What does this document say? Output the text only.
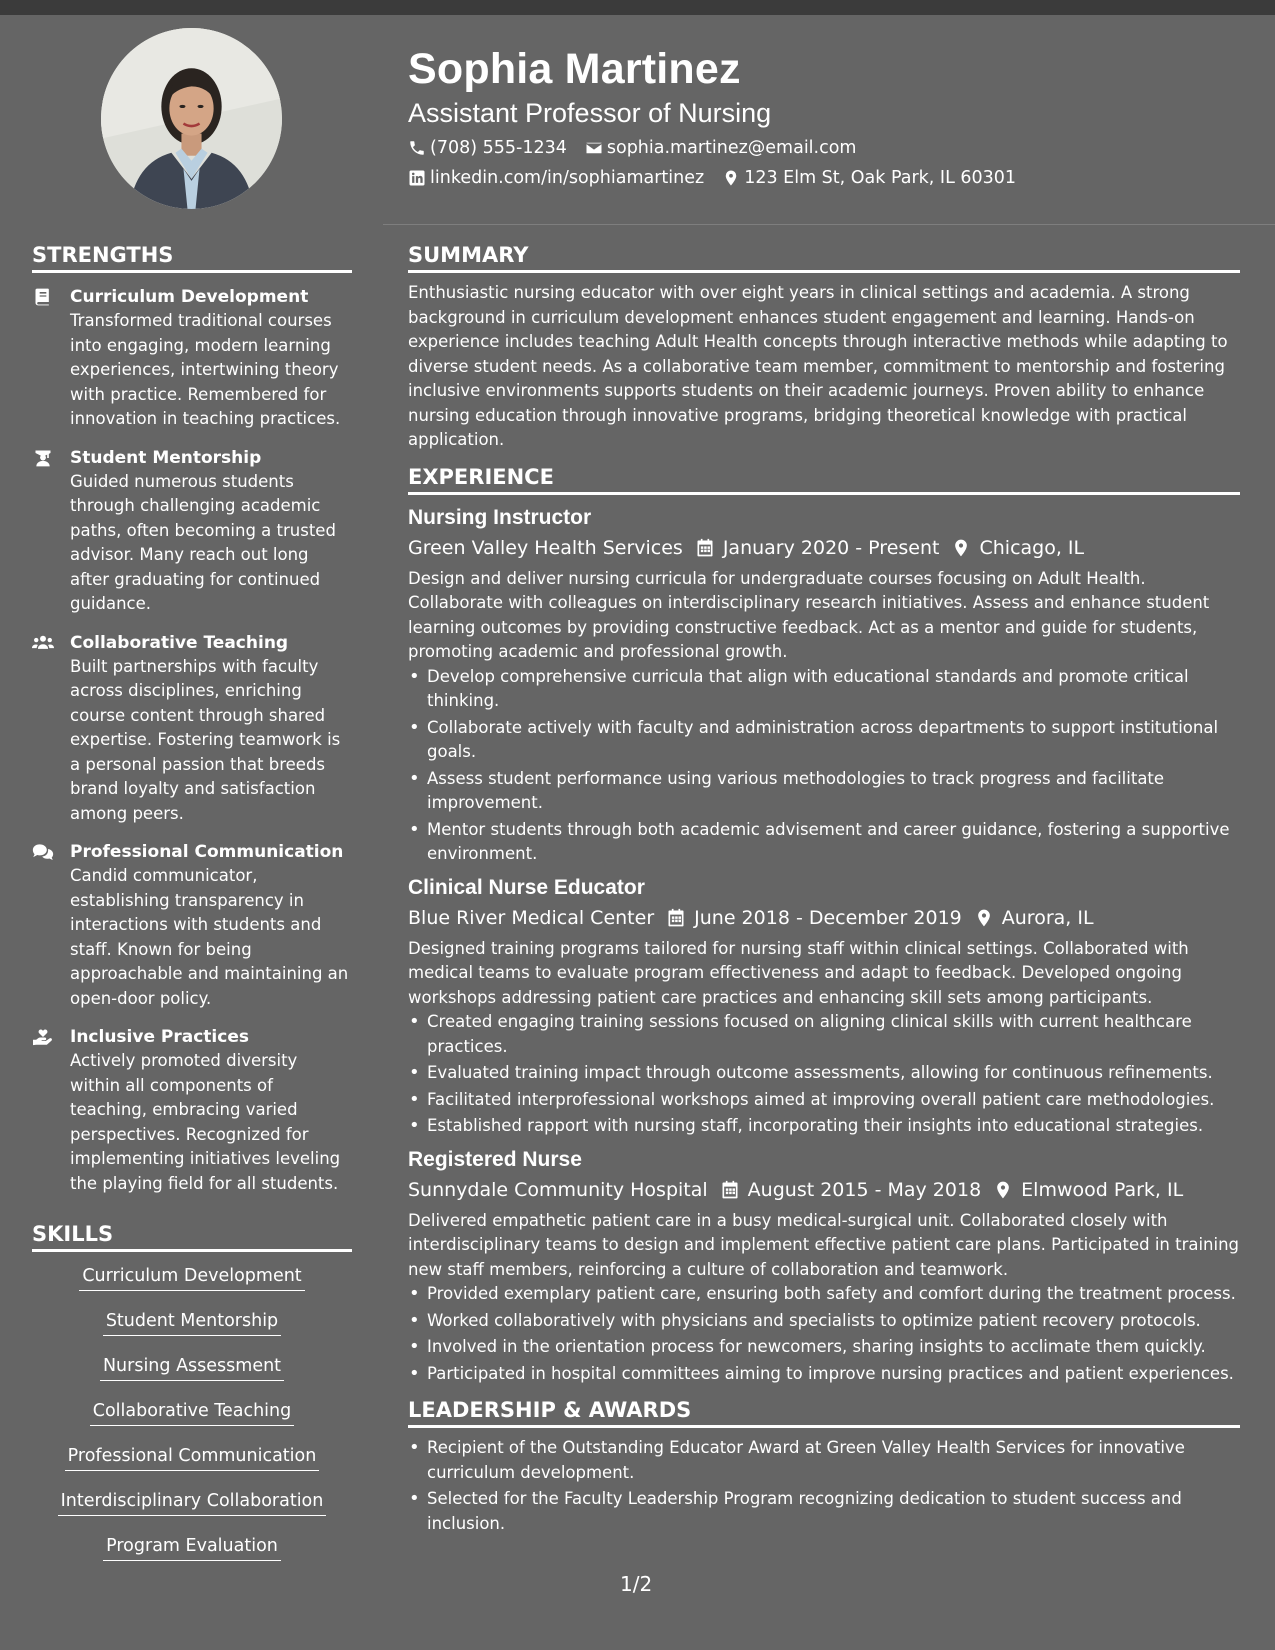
Sophia Martinez
Assistant Professor of Nursing
(708) 555-1234 sophia.martinez@email.com
linkedin.com/in/sophiamartinez 123 Elm St, Oak Park, IL 60301
STRENGTHS
Curriculum Development
Transformed traditional courses into engaging, modern learning experiences, intertwining theory with practice. Remembered for innovation in teaching practices.
Student Mentorship
Guided numerous students through challenging academic paths, often becoming a trusted advisor. Many reach out long after graduating for continued guidance.
Collaborative Teaching
Built partnerships with faculty across disciplines, enriching course content through shared expertise. Fostering teamwork is a personal passion that breeds brand loyalty and satisfaction among peers.
Professional Communication
Candid communicator, establishing transparency in interactions with students and staff. Known for being approachable and maintaining an open-door policy.
Inclusive Practices
Actively promoted diversity within all components of teaching, embracing varied perspectives. Recognized for implementing initiatives leveling the playing field for all students.
SKILLS
Curriculum Development
Student Mentorship
Nursing Assessment
Collaborative Teaching
Professional Communication
Interdisciplinary Collaboration
Program Evaluation
SUMMARY
Enthusiastic nursing educator with over eight years in clinical settings and academia. A strong background in curriculum development enhances student engagement and learning. Hands-on experience includes teaching Adult Health concepts through interactive methods while adapting to diverse student needs. As a collaborative team member, commitment to mentorship and fostering inclusive environments supports students on their academic journeys. Proven ability to enhance nursing education through innovative programs, bridging theoretical knowledge with practical application.
EXPERIENCE
Nursing Instructor
Green Valley Health Services January 2020 - Present Chicago, IL
Design and deliver nursing curricula for undergraduate courses focusing on Adult Health. Collaborate with colleagues on interdisciplinary research initiatives. Assess and enhance student learning outcomes by providing constructive feedback. Act as a mentor and guide for students, promoting academic and professional growth.
• Develop comprehensive curricula that align with educational standards and promote critical thinking.
• Collaborate actively with faculty and administration across departments to support institutional goals.
• Assess student performance using various methodologies to track progress and facilitate improvement.
• Mentor students through both academic advisement and career guidance, fostering a supportive environment.
Clinical Nurse Educator
Blue River Medical Center June 2018 - December 2019 Aurora, IL
Designed training programs tailored for nursing staff within clinical settings. Collaborated with medical teams to evaluate program effectiveness and adapt to feedback. Developed ongoing workshops addressing patient care practices and enhancing skill sets among participants.
• Created engaging training sessions focused on aligning clinical skills with current healthcare practices.
• Evaluated training impact through outcome assessments, allowing for continuous refinements.
• Facilitated interprofessional workshops aimed at improving overall patient care methodologies.
• Established rapport with nursing staff, incorporating their insights into educational strategies.
Registered Nurse
Sunnydale Community Hospital August 2015 - May 2018 Elmwood Park, IL
Delivered empathetic patient care in a busy medical-surgical unit. Collaborated closely with interdisciplinary teams to design and implement effective patient care plans. Participated in training new staff members, reinforcing a culture of collaboration and teamwork.
• Provided exemplary patient care, ensuring both safety and comfort during the treatment process.
• Worked collaboratively with physicians and specialists to optimize patient recovery protocols.
• Involved in the orientation process for newcomers, sharing insights to acclimate them quickly.
• Participated in hospital committees aiming to improve nursing practices and patient experiences.
LEADERSHIP & AWARDS
• Recipient of the Outstanding Educator Award at Green Valley Health Services for innovative curriculum development.
• Selected for the Faculty Leadership Program recognizing dedication to student success and inclusion.
1/2
